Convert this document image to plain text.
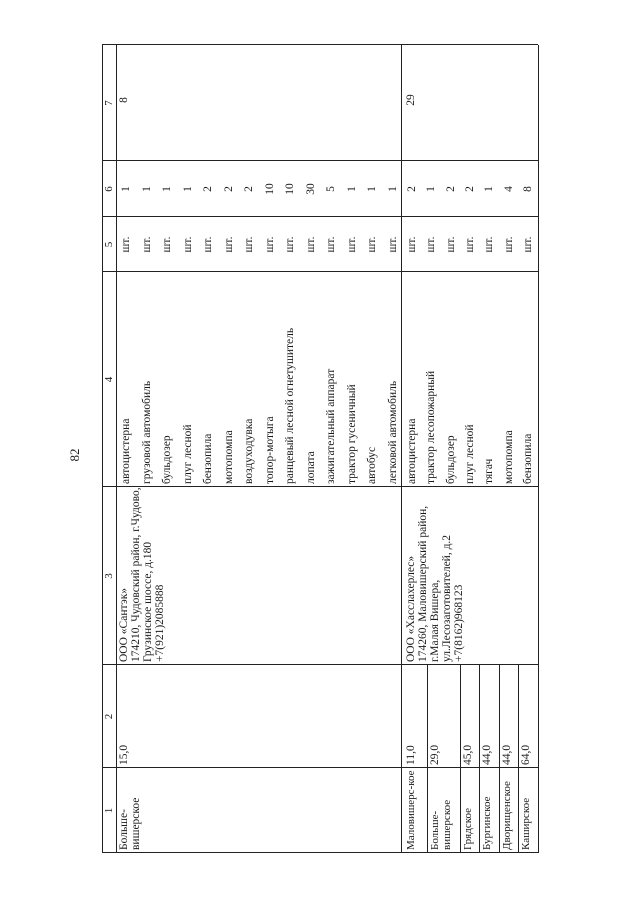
82
1
2
3
4
5
6
7
15,0
Больше-вишерское
ООО «Сантэк»
174210, Чудовский район, г.Чудово, Грузинское шоссе, д.180
+7(921)2085888
8
ООО «Хасслахерлес»
174260, Маловишерский район, г.Малая Вишера, ул.Лесозаготовителей, д.2
+7(8162)968123
29
автоцистерна
шт.
1
грузовой автомобиль
шт.
1
бульдозер
шт.
1
плуг лесной
шт.
1
бензопила
шт.
2
мотопомпа
шт.
2
воздуходувка
шт.
2
топор-мотыга
шт.
10
ранцевый лесной огнетушитель
шт.
10
лопата
шт.
30
зажигательный аппарат
шт.
5
трактор гусеничный
шт.
1
автобус
шт.
1
легковой автомобиль
шт.
1
автоцистерна
шт.
2
трактор лесопожарный
шт.
1
бульдозер
шт.
2
плуг лесной
шт.
2
тягач
шт.
1
мотопомпа
шт.
4
бензопила
шт.
8
Маловишерс-кое
11,0
Больше-вишерское
29,0
Грядское
45,0
Бургинское
44,0
Дворищенское
44,0
Каширское
64,0
